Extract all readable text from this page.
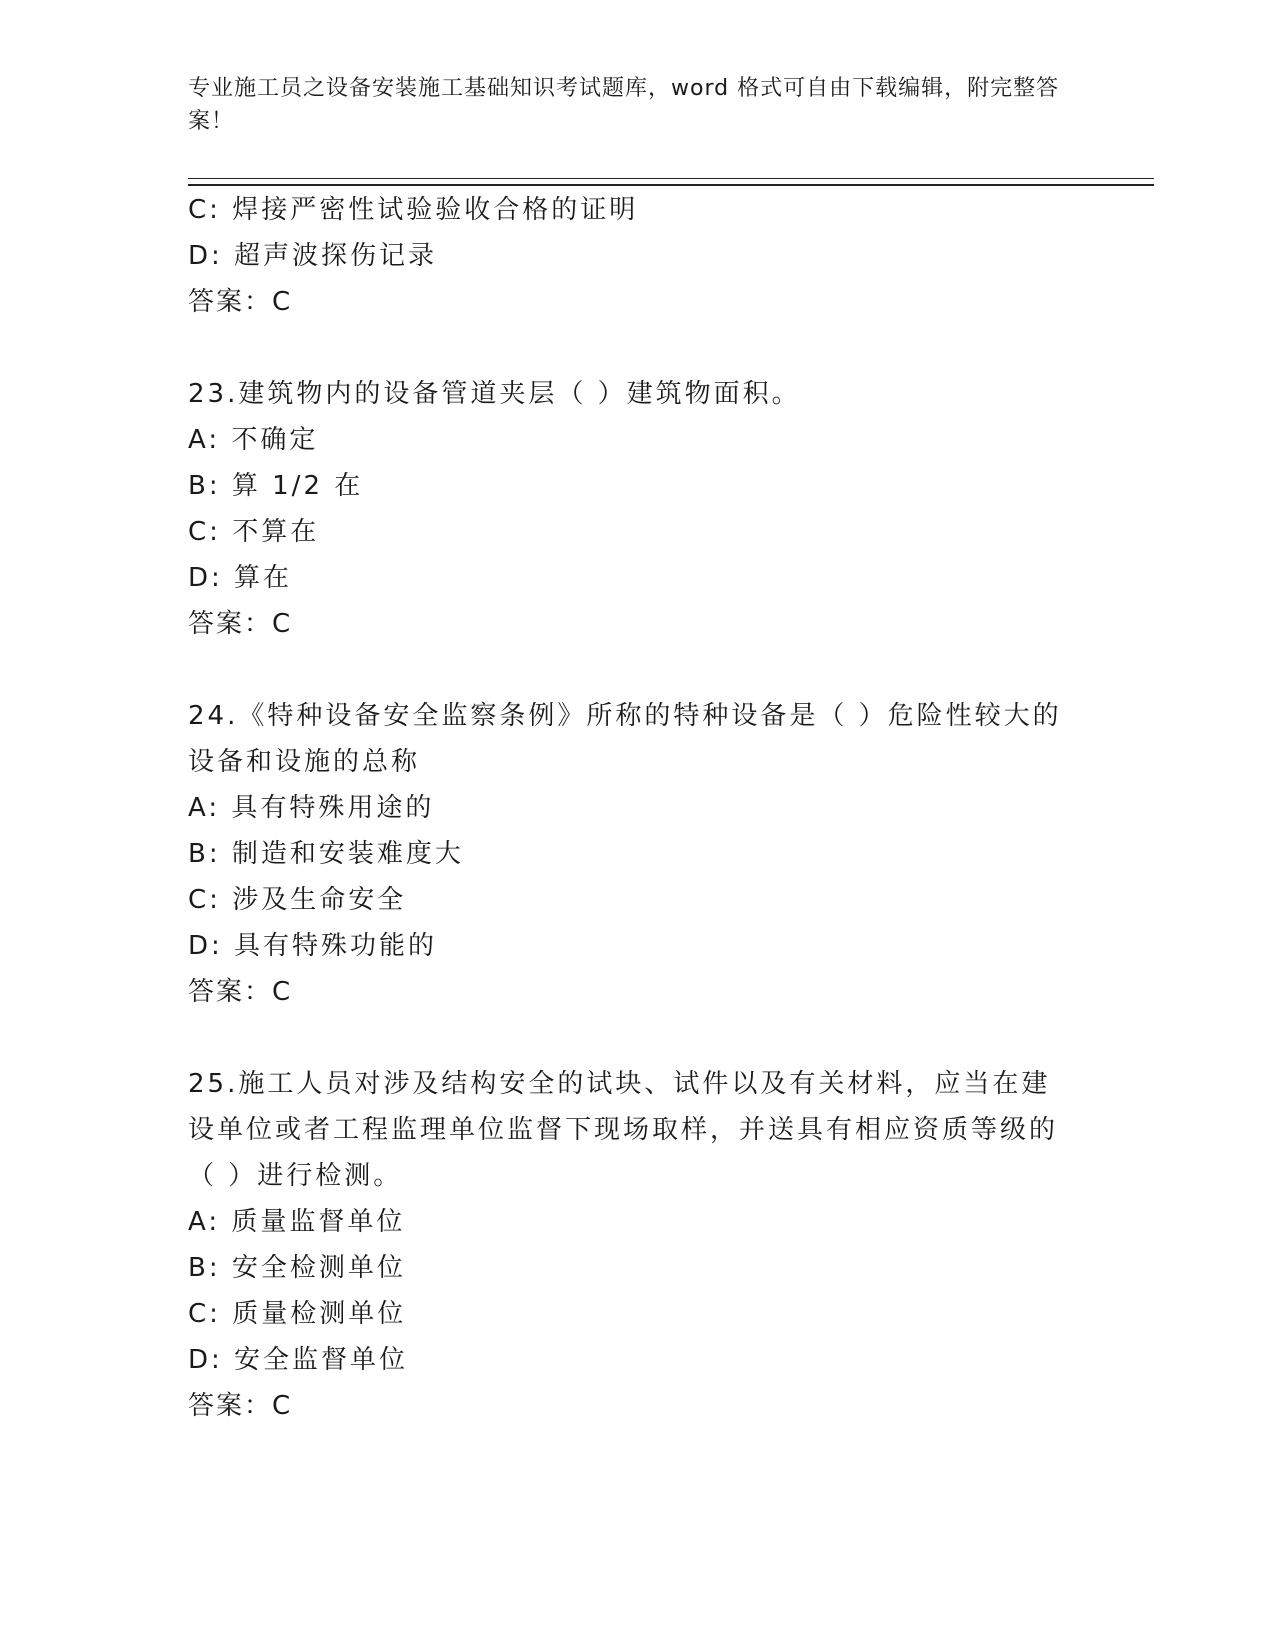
专业施工员之设备安装施工基础知识考试题库，word 格式可自由下载编辑，附完整答案！
C: 焊接严密性试验验收合格的证明
D: 超声波探伤记录
答案：C
23.建筑物内的设备管道夹层（ ）建筑物面积。
A: 不确定
B: 算 1/2 在
C: 不算在
D: 算在
答案：C
24.《特种设备安全监察条例》所称的特种设备是（ ）危险性较大的设备和设施的总称
A: 具有特殊用途的
B: 制造和安装难度大
C: 涉及生命安全
D: 具有特殊功能的
答案：C
25.施工人员对涉及结构安全的试块、试件以及有关材料，应当在建设单位或者工程监理单位监督下现场取样，并送具有相应资质等级的（ ）进行检测。
A: 质量监督单位
B: 安全检测单位
C: 质量检测单位
D: 安全监督单位
答案：C
